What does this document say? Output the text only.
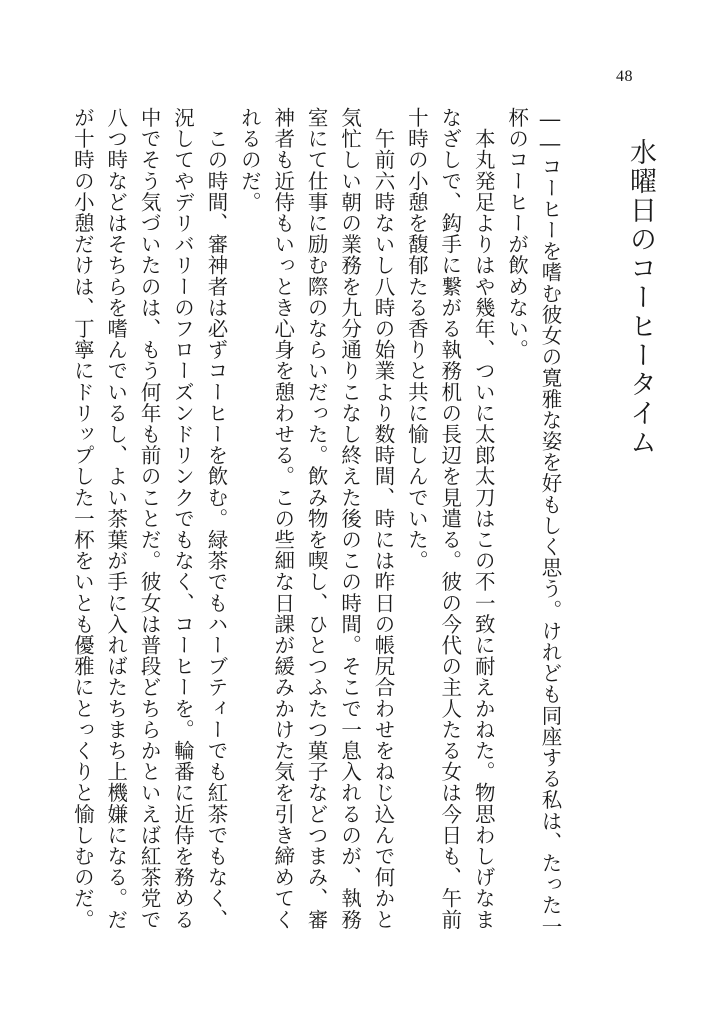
48
水曜日のコーヒータイム

――コーヒーを嗜む彼女の寛雅な姿を好もしく思う。けれども同座する私は、たった一杯のコーヒーが飲めない。

　本丸発足よりはや幾年、ついに太郎太刀はこの不一致に耐えかねた。物思わしげなまなざしで、鈎手に繋がる執務机の長辺を見遣る。彼の今代の主人たる女は今日も、午前十時の小憩を馥郁たる香りと共に愉しんでいた。

　午前六時ないし八時の始業より数時間、時には昨日の帳尻合わせをねじ込んで何かと気忙しい朝の業務を九分通りこなし終えた後のこの時間。そこで一息入れるのが、執務室にて仕事に励む際のならいだった。飲み物を喫し、ひとつふたつ菓子などつまみ、審神者も近侍もいっとき心身を憩わせる。この些細な日課が緩みかけた気を引き締めてくれるのだ。

　この時間、審神者は必ずコーヒーを飲む。緑茶でもハーブティーでも紅茶でもなく、況してやデリバリーのフローズンドリンクでもなく、コーヒーを。輪番に近侍を務める中でそう気づいたのは、もう何年も前のことだ。彼女は普段どちらかといえば紅茶党で八つ時などはそちらを嗜んでいるし、よい茶葉が手に入ればたちまち上機嫌になる。だが十時の小憩だけは、丁寧にドリップした一杯をいとも優雅にとっくりと愉しむのだ。
